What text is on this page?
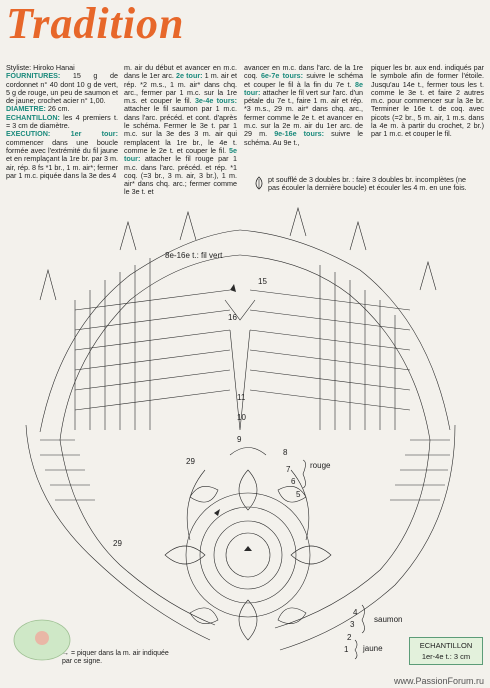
Tradition
Styliste: Hiroko Hanai
FOURNITURES: 15 g de cordonnet n° 40 dont 10 g de vert, 5 g de rouge, un peu de saumon et de jaune; crochet acier n° 1,00.
DIAMETRE: 26 cm.
ECHANTILLON: les 4 premiers t. = 3 cm de diamètre.
EXECUTION: 1er tour: commencer dans une boucle formée avec l'extrémité du fil jaune et en remplaçant la 1re br. par 3 m. air, rép. 8 fs *1 br., 1 m. air*; fermer par 1 m.c. piquée dans la 3e des 4
m. air du début et avancer en m.c. dans le 1er arc. 2e tour: 1 m. air et rép. *2 m.s., 1 m. air* dans chq. arc., fermer par 1 m.c. sur la 1re m.s. et couper le fil. 3e-4e tours: attacher le fil saumon par 1 m.c. dans l'arc. précéd. et cont. d'après le schéma. Fermer le 3e t. par 1 m.c. sur la 3e des 3 m. air qui remplacent la 1re br., le 4e t. comme le 2e t. et couper le fil. 5e tour: attacher le fil rouge par 1 m.c. dans l'arc. précéd. et rép. *1 coq. (=3 br., 3 m. air, 3 br.), 1 m. air* dans chq. arc.; fermer comme le 3e t. et
avancer en m.c. dans l'arc. de la 1re coq. 6e-7e tours: suivre le schéma et couper le fil à la fin du 7e t. 8e tour: attacher le fil vert sur l'arc. d'un pétale du 7e t., faire 1 m. air et rép. *3 m.s., 29 m. air* dans chq. arc., fermer comme le 2e t. et avancer en m.c. sur la 2e m. air du 1er arc. de 29 m. 9e-16e tours: suivre le schéma. Au 9e t.,
piquer les br. aux end. indiqués par le symbole afin de former l'étoile. Jusqu'au 14e t., fermer tous les t. comme le 3e t. et faire 2 autres m.c. pour commencer sur la 3e br. Terminer le 16e t. de coq. avec picots (=2 br., 5 m. air, 1 m.s. dans la 4e m. à partir du crochet, 2 br.) par 1 m.c. et couper le fil.
pt soufflé de 3 doubles br. : faire 3 doubles br. incomplètes (ne pas écouler la dernière boucle) et écouler les 4 m. en une fois.
8e-16e t.: fil vert
15
16
11
10
9
8
7
6
5
4
3
2
1
29
29
rouge
saumon
jaune
→ = piquer dans la m. air indiquée par ce signe.
ECHANTILLON
1er-4e t.: 3 cm
www.PassionForum.ru
